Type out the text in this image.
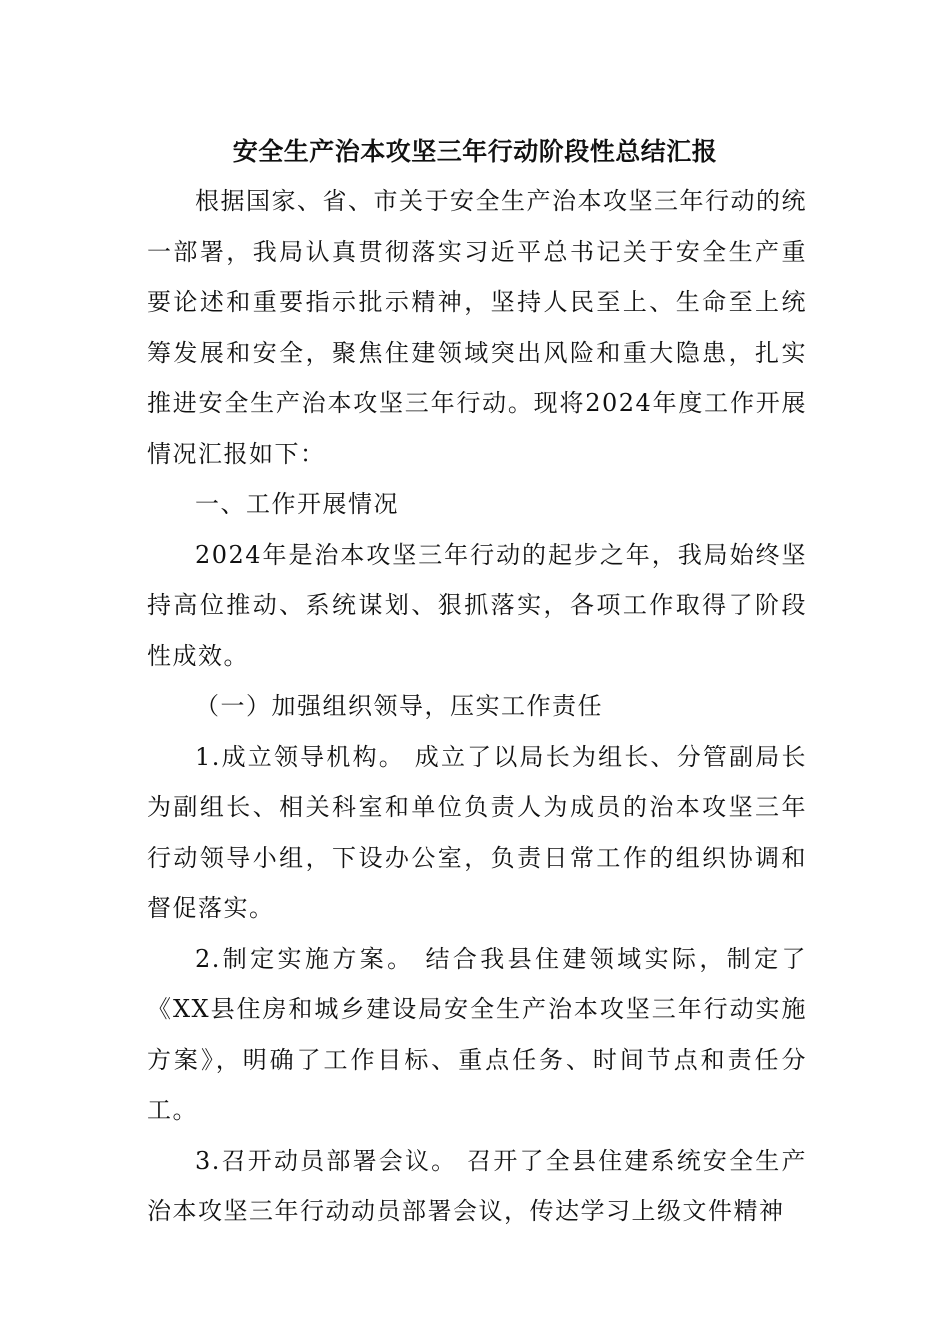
安全生产治本攻坚三年行动阶段性总结汇报

根据国家、省、市关于安全生产治本攻坚三年行动的统一部署，我局认真贯彻落实习近平总书记关于安全生产重要论述和重要指示批示精神，坚持人民至上、生命至上统筹发展和安全，聚焦住建领域突出风险和重大隐患，扎实推进安全生产治本攻坚三年行动。现将2024年度工作开展情况汇报如下：

一、工作开展情况

2024年是治本攻坚三年行动的起步之年，我局始终坚持高位推动、系统谋划、狠抓落实，各项工作取得了阶段性成效。

（一）加强组织领导，压实工作责任

1.成立领导机构。 成立了以局长为组长、分管副局长为副组长、相关科室和单位负责人为成员的治本攻坚三年行动领导小组，下设办公室，负责日常工作的组织协调和督促落实。

2.制定实施方案。 结合我县住建领域实际，制定了《XX县住房和城乡建设局安全生产治本攻坚三年行动实施方案》，明确了工作目标、重点任务、时间节点和责任分工。

3.召开动员部署会议。 召开了全县住建系统安全生产治本攻坚三年行动动员部署会议，传达学习上级文件精神
